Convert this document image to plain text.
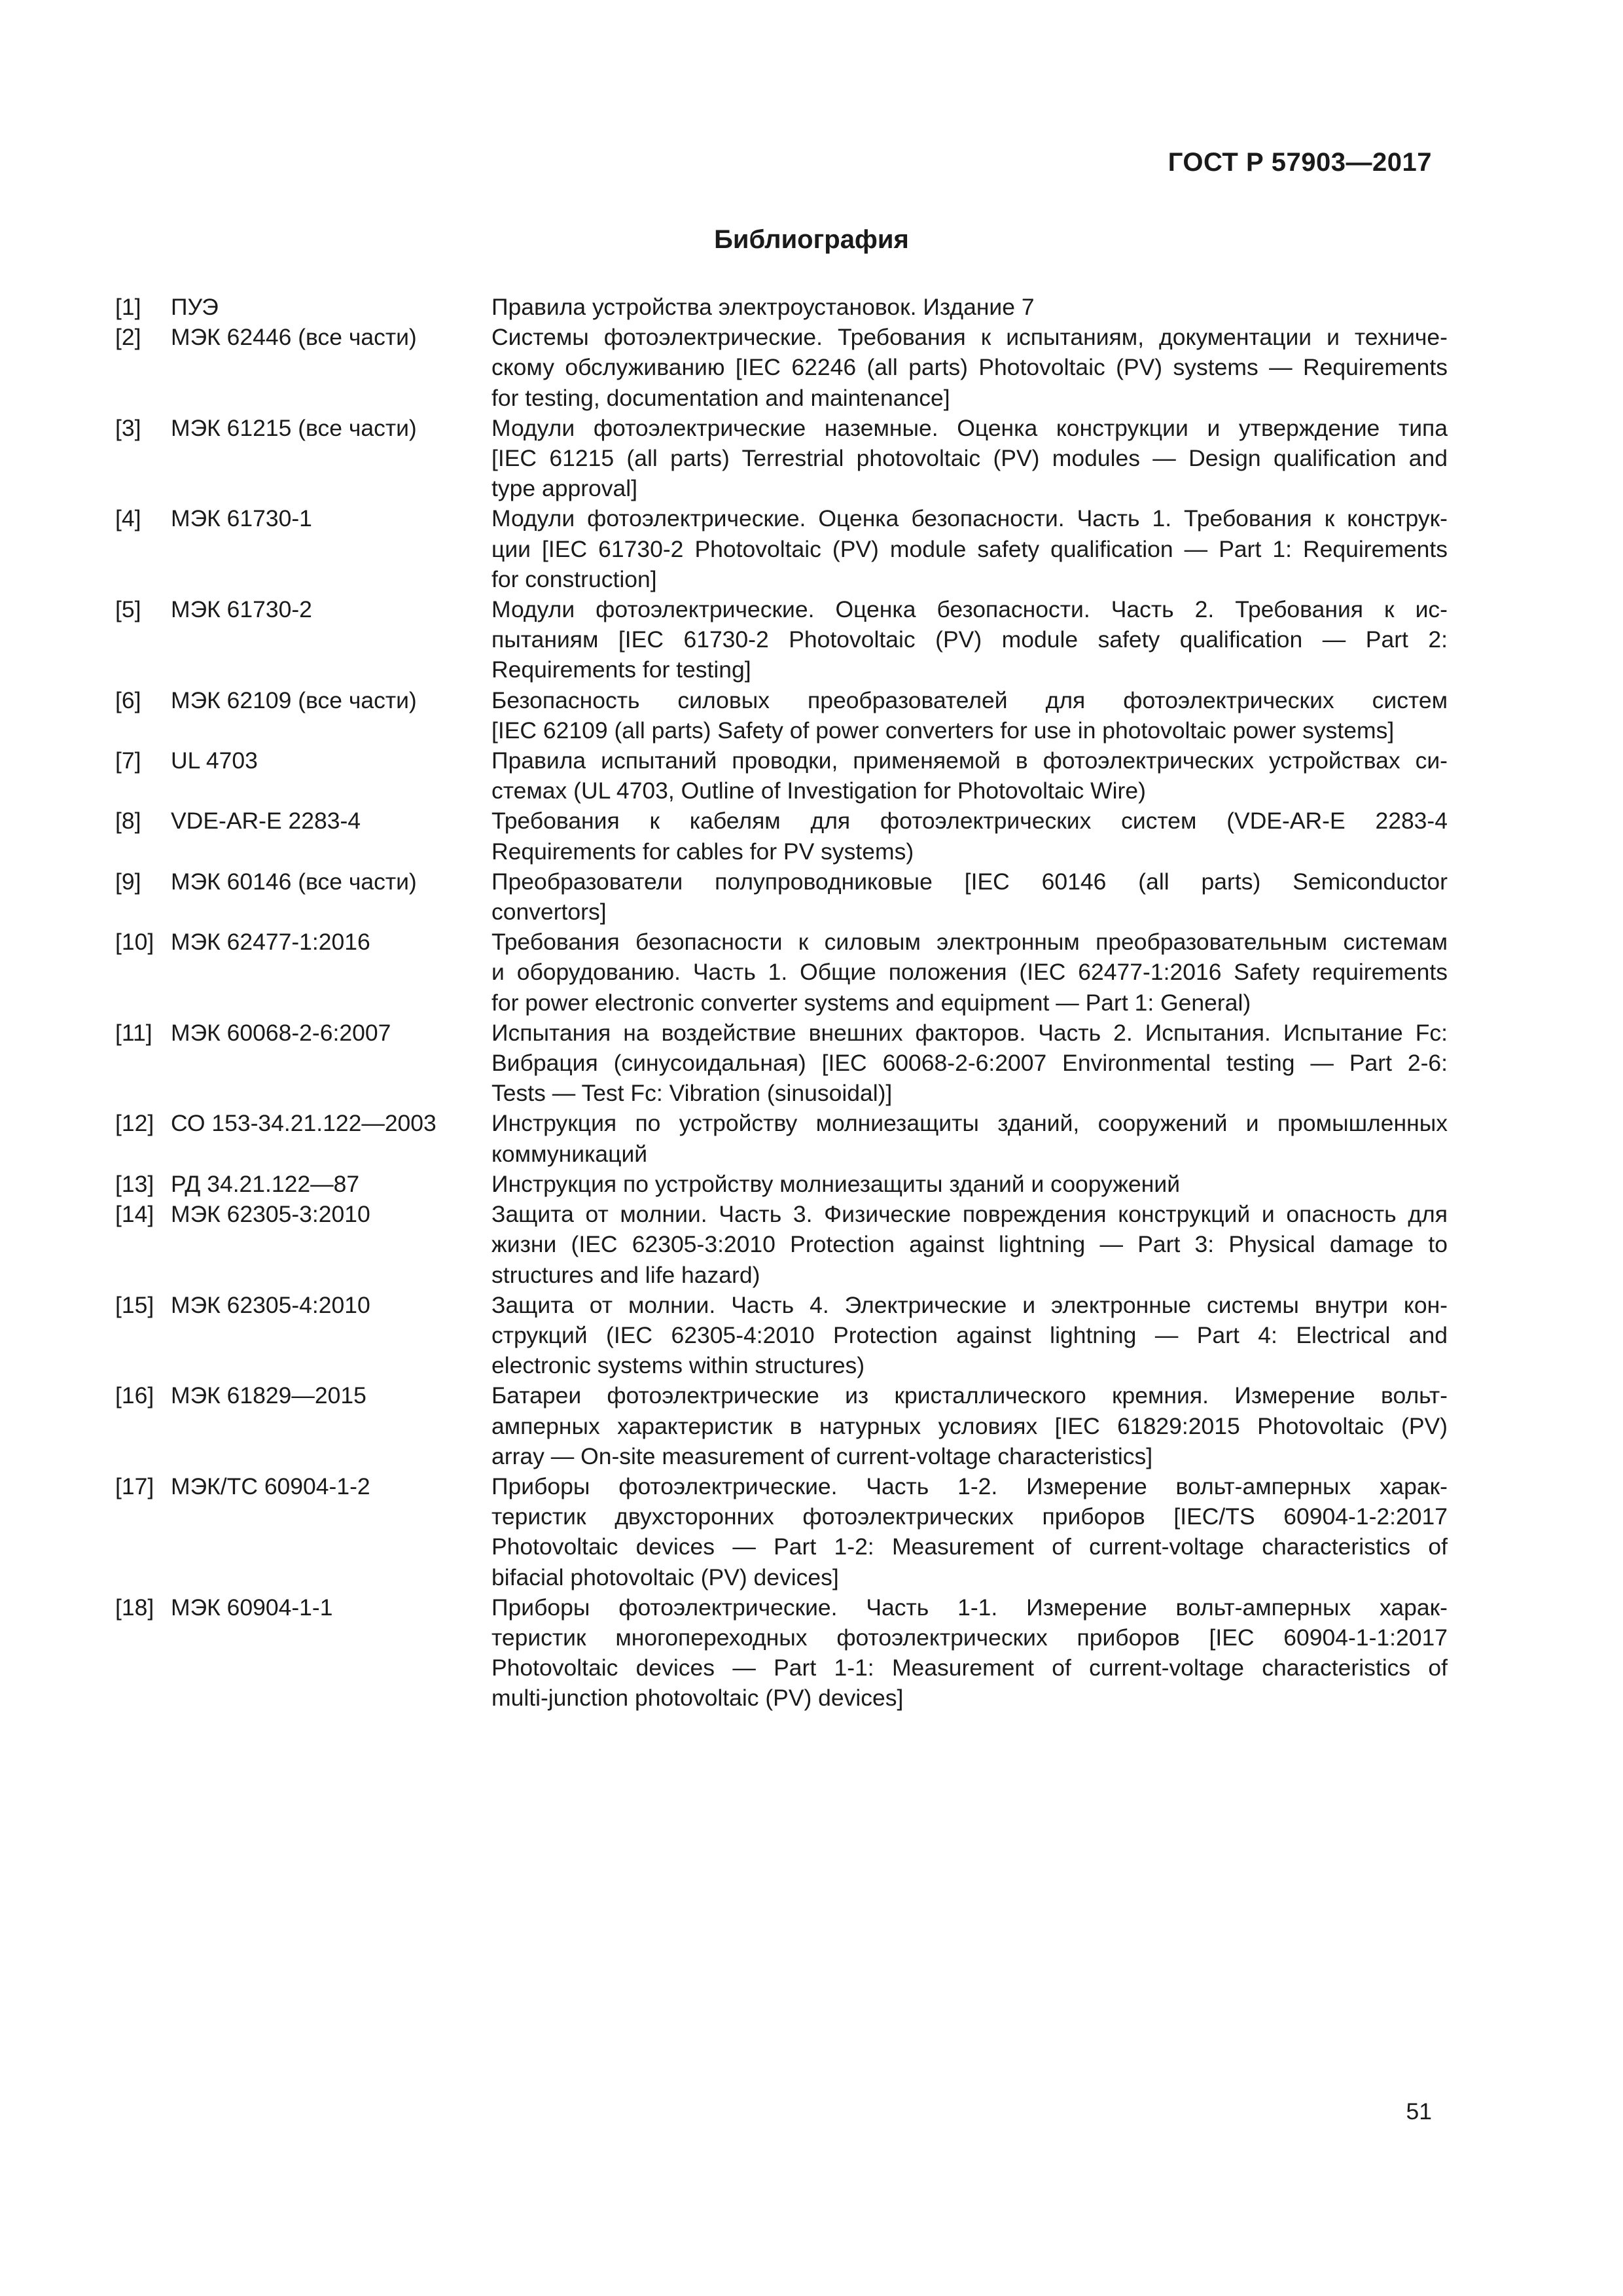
ГОСТ Р 57903—2017
Библиография
[1]	ПУЭ	Правила устройства электроустановок. Издание 7
[2]	МЭК 62446 (все части)	Системы фотоэлектрические. Требования к испытаниям, документации и техниче-
скому обслуживанию [IEC 62246 (all parts) Photovoltaic (PV) systems — Requirements
for testing, documentation and maintenance]
[3]	МЭК 61215 (все части)	Модули фотоэлектрические наземные. Оценка конструкции и утверждение типа
[IEC 61215 (all parts) Terrestrial photovoltaic (PV) modules — Design qualification and
type approval]
[4]	МЭК 61730-1	Модули фотоэлектрические. Оценка безопасности. Часть 1. Требования к конструк-
ции [IEC 61730-2 Photovoltaic (PV) module safety qualification — Part 1: Requirements
for construction]
[5]	МЭК 61730-2	Модули фотоэлектрические. Оценка безопасности. Часть 2. Требования к ис-
пытаниям [IEC 61730-2 Photovoltaic (PV) module safety qualification — Part 2:
Requirements for testing]
[6]	МЭК 62109 (все части)	Безопасность силовых преобразователей для фотоэлектрических систем
[IEC 62109 (all parts) Safety of power converters for use in photovoltaic power systems]
[7]	UL 4703	Правила испытаний проводки, применяемой в фотоэлектрических устройствах си-
стемах (UL 4703, Outline of Investigation for Photovoltaic Wire)
[8]	VDE-AR-E 2283-4	Требования к кабелям для фотоэлектрических систем (VDE-AR-E 2283-4
Requirements for cables for PV systems)
[9]	МЭК 60146 (все части)	Преобразователи полупроводниковые [IEC 60146 (all parts) Semiconductor
convertors]
[10] МЭК 62477-1:2016	Требования безопасности к силовым электронным преобразовательным системам
и оборудованию. Часть 1. Общие положения (IEC 62477-1:2016 Safety requirements
for power electronic converter systems and equipment — Part 1: General)
[11] МЭК 60068-2-6:2007	Испытания на воздействие внешних факторов. Часть 2. Испытания. Испытание Fc:
Вибрация (синусоидальная) [IEC 60068-2-6:2007 Environmental testing — Part 2-6:
Tests — Test Fc: Vibration (sinusoidal)]
[12] СО 153-34.21.122—2003	Инструкция по устройству молниезащиты зданий, сооружений и промышленных
коммуникаций
[13] РД 34.21.122—87	Инструкция по устройству молниезащиты зданий и сооружений
[14] МЭК 62305-3:2010	Защита от молнии. Часть 3. Физические повреждения конструкций и опасность для
жизни (IEC 62305-3:2010 Protection against lightning — Part 3: Physical damage to
structures and life hazard)
[15] МЭК 62305-4:2010	Защита от молнии. Часть 4. Электрические и электронные системы внутри кон-
струкций (IEC 62305-4:2010 Protection against lightning — Part 4: Electrical and
electronic systems within structures)
[16] МЭК 61829—2015	Батареи фотоэлектрические из кристаллического кремния. Измерение вольт-
амперных характеристик в натурных условиях [IEC 61829:2015 Photovoltaic (PV)
array — On-site measurement of current-voltage characteristics]
[17] МЭК/ТС 60904-1-2	Приборы фотоэлектрические. Часть 1-2. Измерение вольт-амперных харак-
теристик двухсторонних фотоэлектрических приборов [IEC/TS 60904-1-2:2017
Photovoltaic devices — Part 1-2: Measurement of current-voltage characteristics of
bifacial photovoltaic (PV) devices]
[18] МЭК 60904-1-1	Приборы фотоэлектрические. Часть 1-1. Измерение вольт-амперных харак-
теристик многопереходных фотоэлектрических приборов [IEC 60904-1-1:2017
Photovoltaic devices — Part 1-1: Measurement of current-voltage characteristics of
multi-junction photovoltaic (PV) devices]
51
